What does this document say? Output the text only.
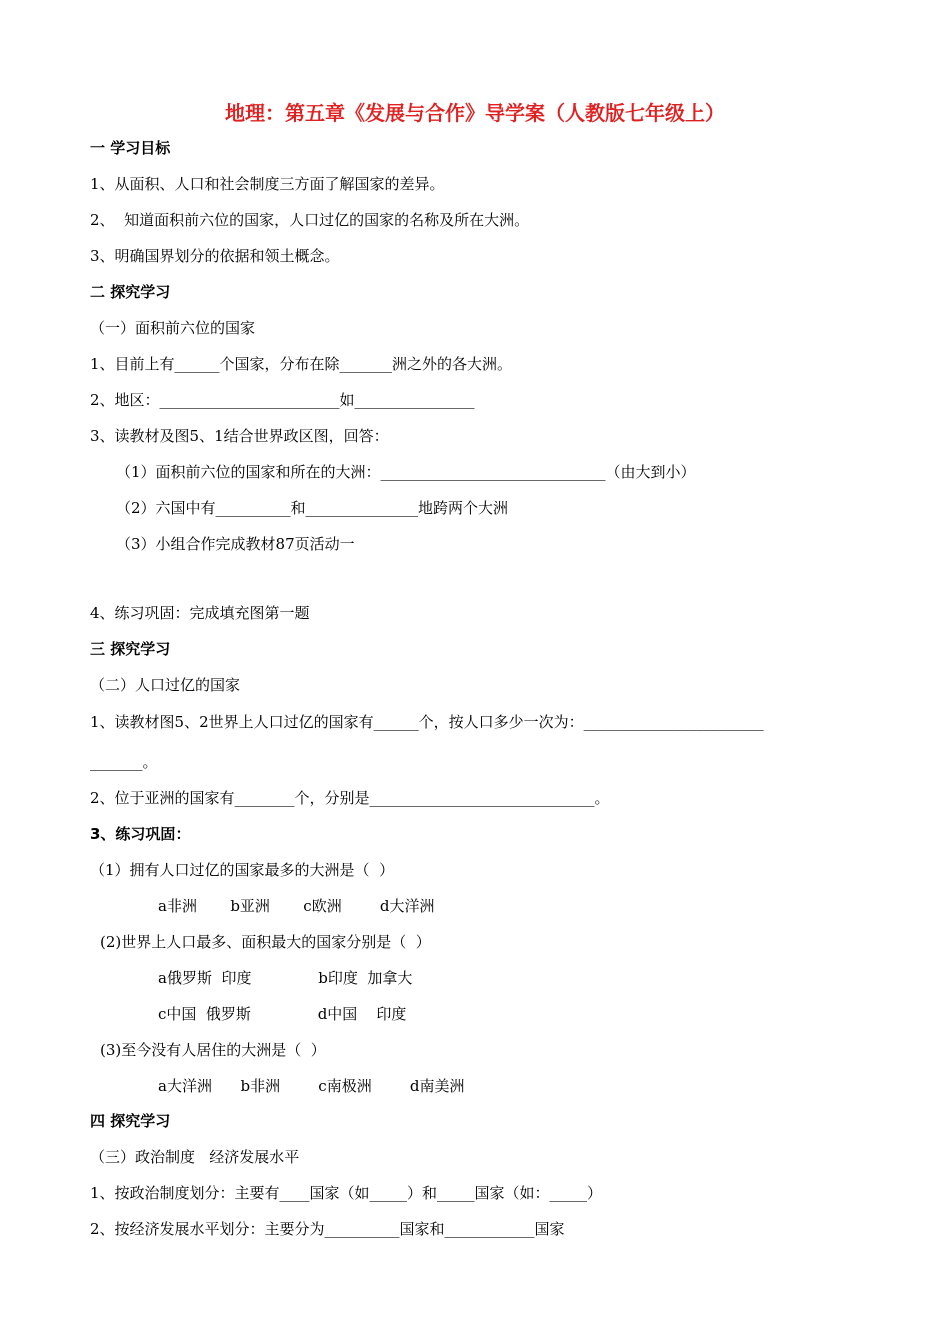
地理：第五章《发展与合作》导学案（人教版七年级上）
一 学习目标
1、从面积、人口和社会制度三方面了解国家的差异。
2、  知道面积前六位的国家，人口过亿的国家的名称及所在大洲。
3、明确国界划分的依据和领土概念。
二 探究学习
（一）面积前六位的国家
1、目前上有______个国家，分布在除_______洲之外的各大洲。
2、地区：________________________如________________
3、读教材及图5、1结合世界政区图，回答：
（1）面积前六位的国家和所在的大洲：______________________________（由大到小）
（2）六国中有__________和_______________地跨两个大洲
（3）小组合作完成教材87页活动一
4、练习巩固：完成填充图第一题
三 探究学习
（二）人口过亿的国家
1、读教材图5、2世界上人口过亿的国家有______个，按人口多少一次为：________________________
_______。
2、位于亚洲的国家有________个，分别是______________________________。
3、练习巩固：
（1）拥有人口过亿的国家最多的大洲是（  ）
a非洲       b亚洲       c欧洲        d大洋洲
(2)世界上人口最多、面积最大的国家分别是（  ）
a俄罗斯  印度              b印度  加拿大
c中国  俄罗斯              d中国    印度
(3)至今没有人居住的大洲是（  ）
a大洋洲      b非洲        c南极洲        d南美洲
四 探究学习
（三）政治制度   经济发展水平
1、按政治制度划分：主要有____国家（如_____）和_____国家（如：_____）
2、按经济发展水平划分：主要分为__________国家和____________国家
